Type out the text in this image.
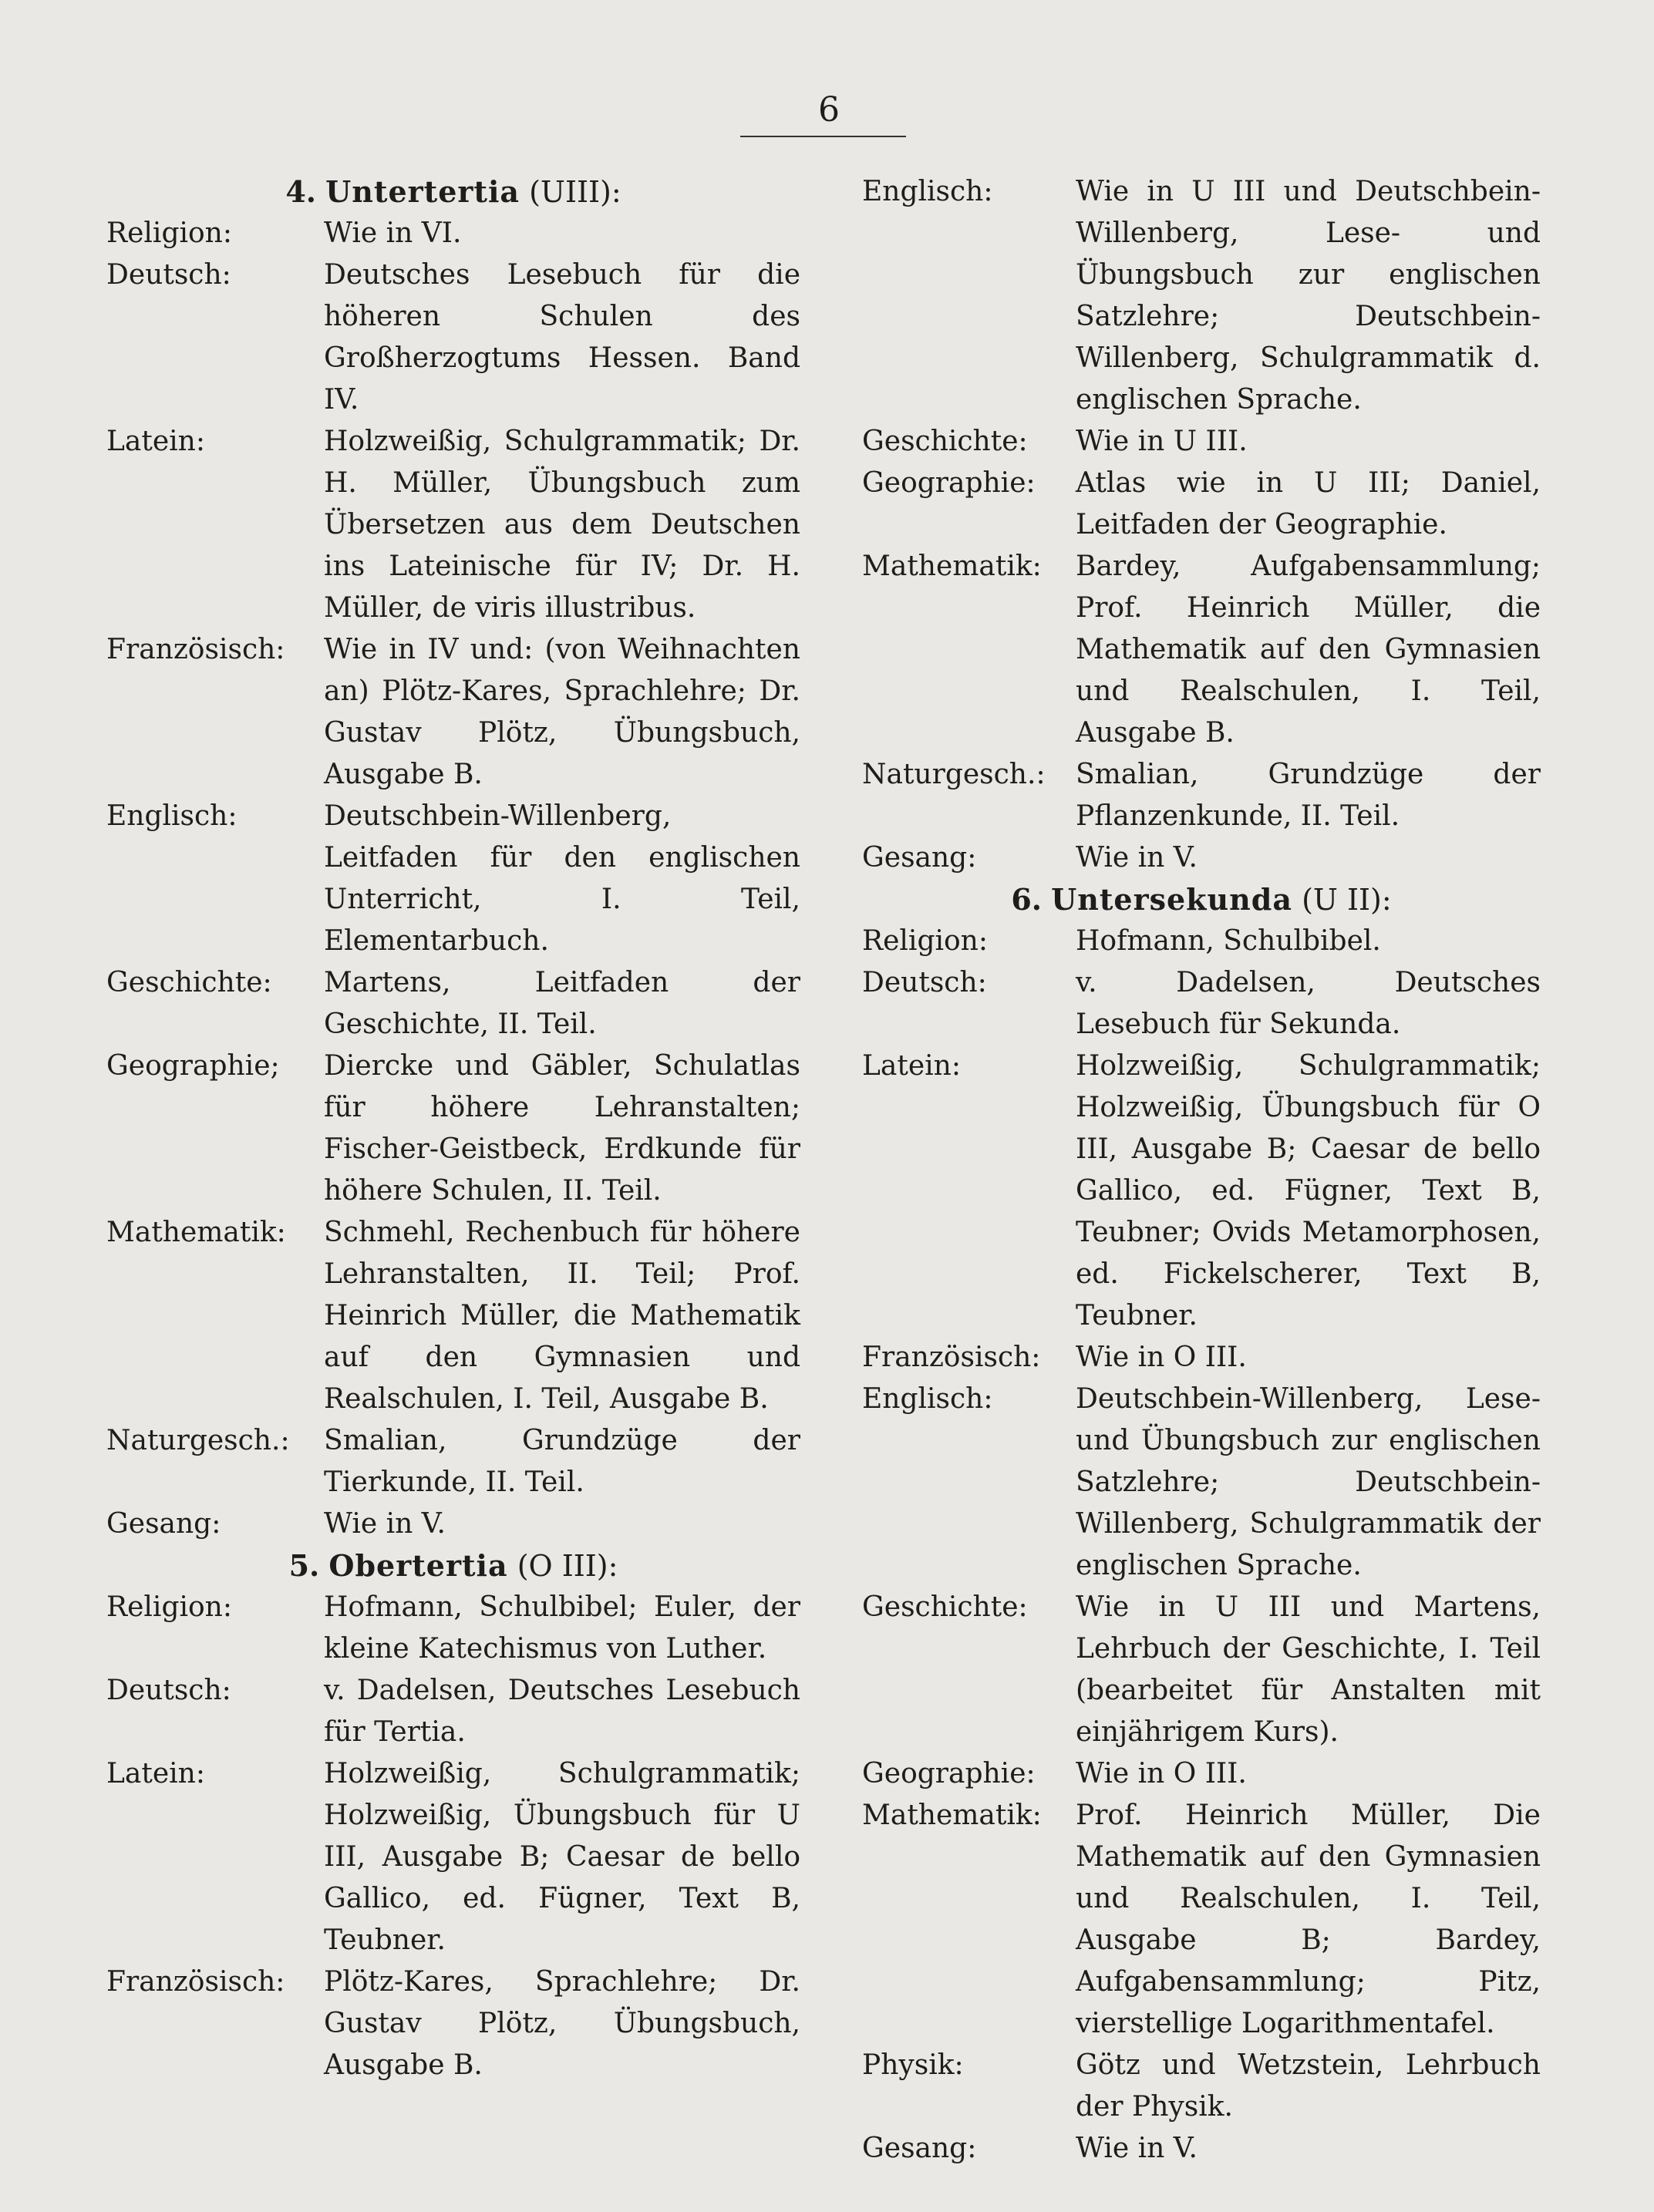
6
4. Untertertia (UIII):
Religion:	Wie in VI.
Deutsch:	Deutsches Lesebuch für die höheren Schulen des Großherzogtums Hessen. Band IV.
Latein:	Holzweißig, Schulgrammatik; Dr. H. Müller, Übungsbuch zum Übersetzen aus dem Deutschen ins Lateinische für IV; Dr. H. Müller, de viris illustribus.
Französisch:	Wie in IV und: (von Weihnachten an) Plötz-Kares, Sprachlehre; Dr. Gustav Plötz, Übungsbuch, Ausgabe B.
Englisch:	Deutschbein-Willenberg, Leitfaden für den englischen Unterricht, I. Teil, Elementarbuch.
Geschichte:	Martens, Leitfaden der Geschichte, II. Teil.
Geographie;	Diercke und Gäbler, Schulatlas für höhere Lehranstalten; Fischer-Geistbeck, Erdkunde für höhere Schulen, II. Teil.
Mathematik:	Schmehl, Rechenbuch für höhere Lehranstalten, II. Teil; Prof. Heinrich Müller, die Mathematik auf den Gymnasien und Realschulen, I. Teil, Ausgabe B.
Naturgesch.:	Smalian, Grundzüge der Tierkunde, II. Teil.
Gesang:	Wie in V.
5. Obertertia (O III):
Religion:	Hofmann, Schulbibel; Euler, der kleine Katechismus von Luther.
Deutsch:	v. Dadelsen, Deutsches Lesebuch für Tertia.
Latein:	Holzweißig, Schulgrammatik; Holzweißig, Übungsbuch für U III, Ausgabe B; Caesar de bello Gallico, ed. Fügner, Text B, Teubner.
Französisch:	Plötz-Kares, Sprachlehre; Dr. Gustav Plötz, Übungsbuch, Ausgabe B.
Englisch:	Wie in U III und Deutschbein-Willenberg, Lese- und Übungsbuch zur englischen Satzlehre; Deutschbein-Willenberg, Schulgrammatik d. englischen Sprache.
Geschichte:	Wie in U III.
Geographie:	Atlas wie in U III; Daniel, Leitfaden der Geographie.
Mathematik:	Bardey, Aufgabensammlung; Prof. Heinrich Müller, die Mathematik auf den Gymnasien und Realschulen, I. Teil, Ausgabe B.
Naturgesch.:	Smalian, Grundzüge der Pflanzenkunde, II. Teil.
Gesang:	Wie in V.
6. Untersekunda (U II):
Religion:	Hofmann, Schulbibel.
Deutsch:	v. Dadelsen, Deutsches Lesebuch für Sekunda.
Latein:	Holzweißig, Schulgrammatik; Holzweißig, Übungsbuch für O III, Ausgabe B; Caesar de bello Gallico, ed. Fügner, Text B, Teubner; Ovids Metamorphosen, ed. Fickelscherer, Text B, Teubner.
Französisch:	Wie in O III.
Englisch:	Deutschbein-Willenberg, Lese- und Übungsbuch zur englischen Satzlehre; Deutschbein-Willenberg, Schulgrammatik der englischen Sprache.
Geschichte:	Wie in U III und Martens, Lehrbuch der Geschichte, I. Teil (bearbeitet für Anstalten mit einjährigem Kurs).
Geographie:	Wie in O III.
Mathematik:	Prof. Heinrich Müller, Die Mathematik auf den Gymnasien und Realschulen, I. Teil, Ausgabe B; Bardey, Aufgabensammlung; Pitz, vierstellige Logarithmentafel.
Physik:	Götz und Wetzstein, Lehrbuch der Physik.
Gesang:	Wie in V.
